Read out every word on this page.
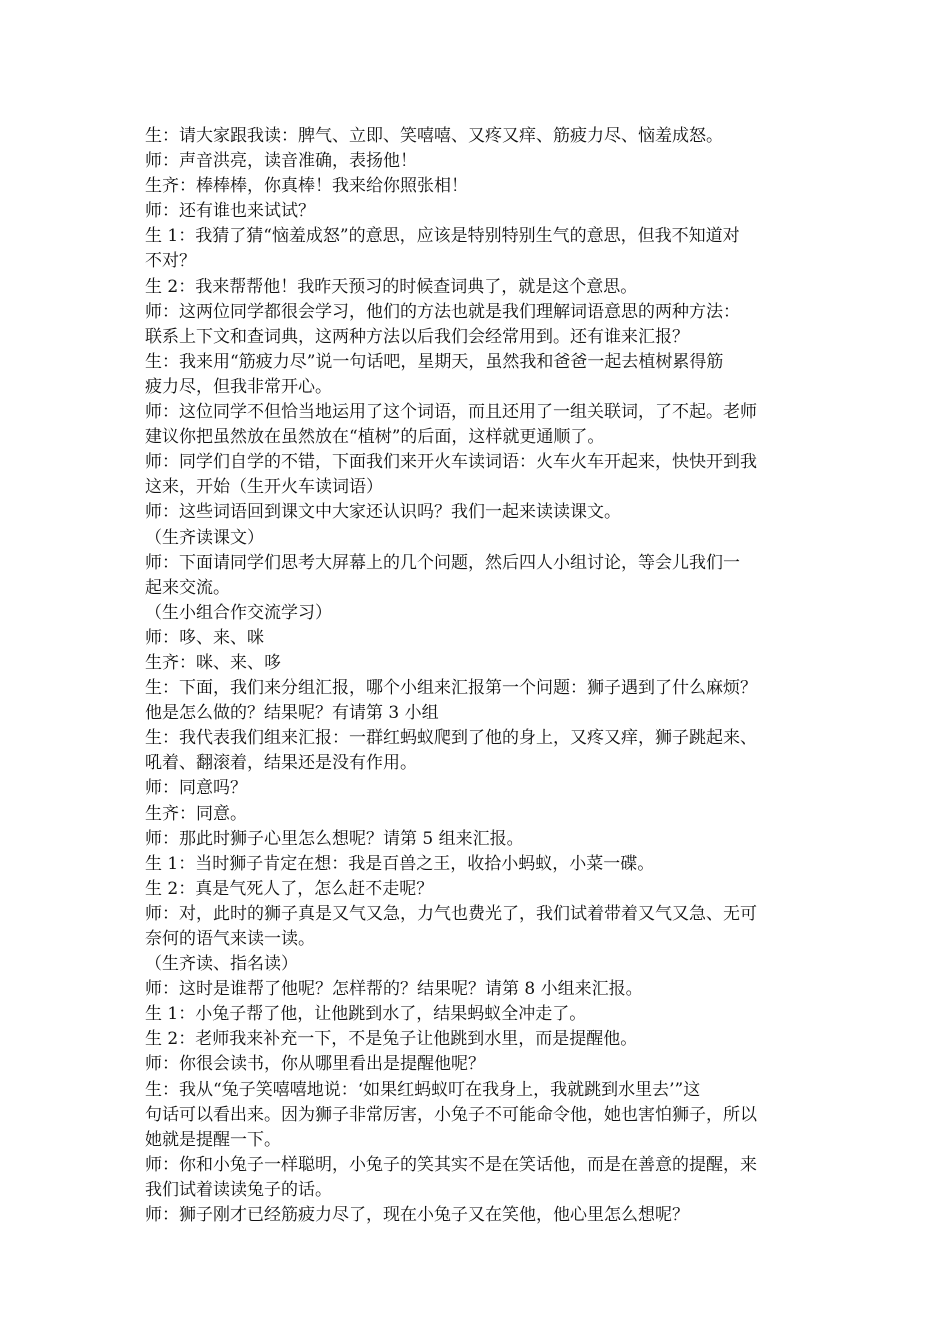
生：请大家跟我读：脾气、立即、笑嘻嘻、又疼又痒、筋疲力尽、恼羞成怒。
师：声音洪亮，读音准确，表扬他！
生齐：棒棒棒，你真棒！我来给你照张相！
师：还有谁也来试试？
生 1：我猜了猜“恼羞成怒”的意思，应该是特别特别生气的意思，但我不知道对
不对？
生 2：我来帮帮他！我昨天预习的时候查词典了，就是这个意思。
师：这两位同学都很会学习，他们的方法也就是我们理解词语意思的两种方法：
联系上下文和查词典，这两种方法以后我们会经常用到。还有谁来汇报？
生：我来用“筋疲力尽”说一句话吧，星期天，虽然我和爸爸一起去植树累得筋
疲力尽，但我非常开心。
师：这位同学不但恰当地运用了这个词语，而且还用了一组关联词，了不起。老师
建议你把虽然放在虽然放在“植树”的后面，这样就更通顺了。
师：同学们自学的不错，下面我们来开火车读词语：火车火车开起来，快快开到我
这来，开始（生开火车读词语）
师：这些词语回到课文中大家还认识吗？我们一起来读读课文。
（生齐读课文）
师：下面请同学们思考大屏幕上的几个问题，然后四人小组讨论，等会儿我们一
起来交流。
（生小组合作交流学习）
师：哆、来、咪
生齐：咪、来、哆
生：下面，我们来分组汇报，哪个小组来汇报第一个问题：狮子遇到了什么麻烦？
他是怎么做的？结果呢？有请第 3 小组
生：我代表我们组来汇报：一群红蚂蚁爬到了他的身上，又疼又痒，狮子跳起来、
吼着、翻滚着，结果还是没有作用。
师：同意吗？
生齐：同意。
师：那此时狮子心里怎么想呢？请第 5 组来汇报。
生 1：当时狮子肯定在想：我是百兽之王，收拾小蚂蚁，小菜一碟。
生 2：真是气死人了，怎么赶不走呢？
师：对，此时的狮子真是又气又急，力气也费光了，我们试着带着又气又急、无可
奈何的语气来读一读。
（生齐读、指名读）
师：这时是谁帮了他呢？怎样帮的？结果呢？请第 8 小组来汇报。
生 1：小兔子帮了他，让他跳到水了，结果蚂蚁全冲走了。
生 2：老师我来补充一下，不是兔子让他跳到水里，而是提醒他。
师：你很会读书，你从哪里看出是提醒他呢？
生：我从“兔子笑嘻嘻地说：‘如果红蚂蚁叮在我身上，我就跳到水里去’”这
句话可以看出来。因为狮子非常厉害，小兔子不可能命令他，她也害怕狮子，所以
她就是提醒一下。
师：你和小兔子一样聪明，小兔子的笑其实不是在笑话他，而是在善意的提醒，来
我们试着读读兔子的话。
师：狮子刚才已经筋疲力尽了，现在小兔子又在笑他，他心里怎么想呢？
